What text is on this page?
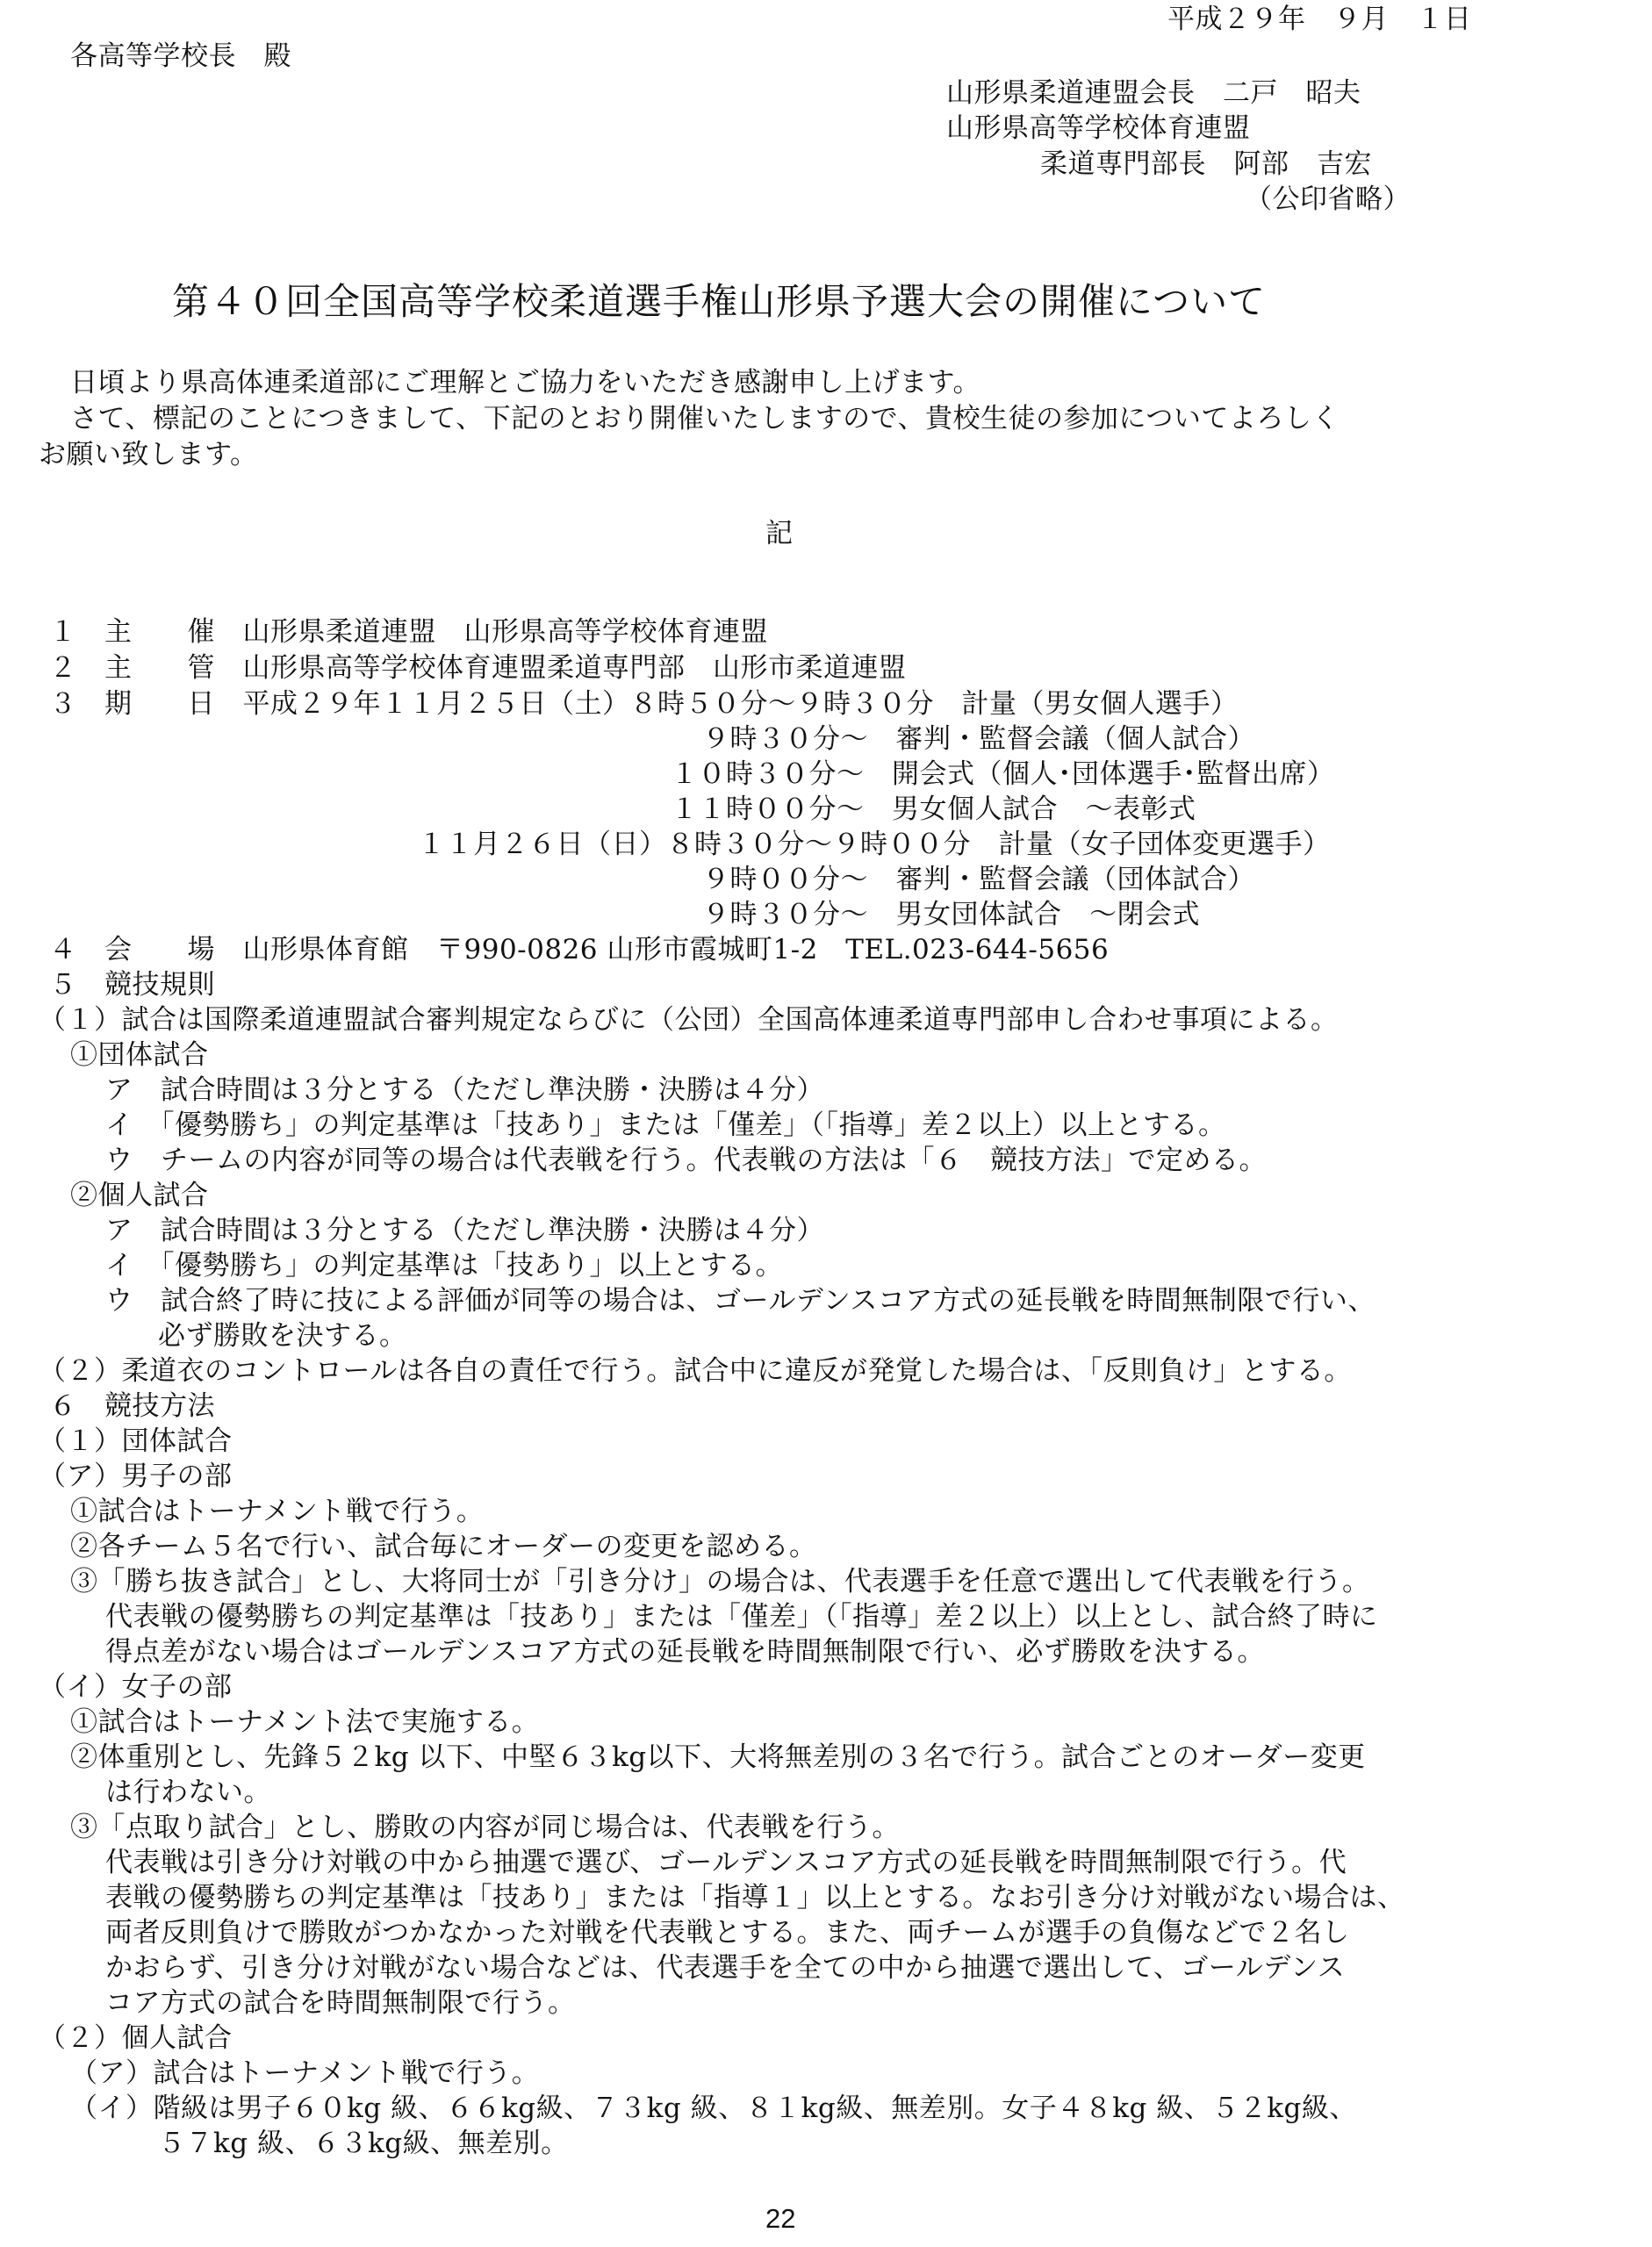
平成２９年　９月　１日
各高等学校長　殿
山形県柔道連盟会長　二戸　昭夫
山形県高等学校体育連盟
柔道専門部長　阿部　吉宏
（公印省略）
第４０回全国高等学校柔道選手権山形県予選大会の開催について
日頃より県高体連柔道部にご理解とご協力をいただき感謝申し上げます。
さて、標記のことにつきまして、下記のとおり開催いたしますので、貴校生徒の参加についてよろしく
お願い致します。
記
１　主　　催　山形県柔道連盟　山形県高等学校体育連盟
２　主　　管　山形県高等学校体育連盟柔道専門部　山形市柔道連盟
３　期　　日　平成２９年１１月２５日（土）８時５０分～９時３０分　計量（男女個人選手）
９時３０分～　審判・監督会議（個人試合）
１０時３０分～　開会式（個人･団体選手･監督出席）
１１時００分～　男女個人試合　～表彰式
１１月２６日（日）８時３０分～９時００分　計量（女子団体変更選手）
９時００分～　審判・監督会議（団体試合）
９時３０分～　男女団体試合　～閉会式
４　会　　場　山形県体育館　〒990-0826 山形市霞城町1-2　TEL.023-644-5656
５　競技規則
（１）試合は国際柔道連盟試合審判規定ならびに（公団）全国高体連柔道専門部申し合わせ事項による。
①団体試合
ア　試合時間は３分とする（ただし準決勝・決勝は４分）
イ　「優勢勝ち」の判定基準は「技あり」または「僅差」（「指導」差２以上）以上とする。
ウ　チームの内容が同等の場合は代表戦を行う。代表戦の方法は「６　競技方法」で定める。
②個人試合
ア　試合時間は３分とする（ただし準決勝・決勝は４分）
イ　「優勢勝ち」の判定基準は「技あり」以上とする。
ウ　試合終了時に技による評価が同等の場合は、ゴールデンスコア方式の延長戦を時間無制限で行い、
必ず勝敗を決する。
（２）柔道衣のコントロールは各自の責任で行う。試合中に違反が発覚した場合は、「反則負け」とする。
６　競技方法
（１）団体試合
（ア）男子の部
①試合はトーナメント戦で行う。
②各チーム５名で行い、試合毎にオーダーの変更を認める。
③「勝ち抜き試合」とし、大将同士が「引き分け」の場合は、代表選手を任意で選出して代表戦を行う。
代表戦の優勢勝ちの判定基準は「技あり」または「僅差」（「指導」差２以上）以上とし、試合終了時に
得点差がない場合はゴールデンスコア方式の延長戦を時間無制限で行い、必ず勝敗を決する。
（イ）女子の部
①試合はトーナメント法で実施する。
②体重別とし、先鋒５２kg 以下、中堅６３kg以下、大将無差別の３名で行う。試合ごとのオーダー変更
は行わない。
③「点取り試合」とし、勝敗の内容が同じ場合は、代表戦を行う。
代表戦は引き分け対戦の中から抽選で選び、ゴールデンスコア方式の延長戦を時間無制限で行う。代
表戦の優勢勝ちの判定基準は「技あり」または「指導１」以上とする。なお引き分け対戦がない場合は、
両者反則負けで勝敗がつかなかった対戦を代表戦とする。また、両チームが選手の負傷などで２名し
かおらず、引き分け対戦がない場合などは、代表選手を全ての中から抽選で選出して、ゴールデンス
コア方式の試合を時間無制限で行う。
（２）個人試合
（ア）試合はトーナメント戦で行う。
（イ）階級は男子６０kg 級、６６kg級、７３kg 級、８１kg級、無差別。女子４８kg 級、５２kg級、
５７kg 級、６３kg級、無差別。
22
